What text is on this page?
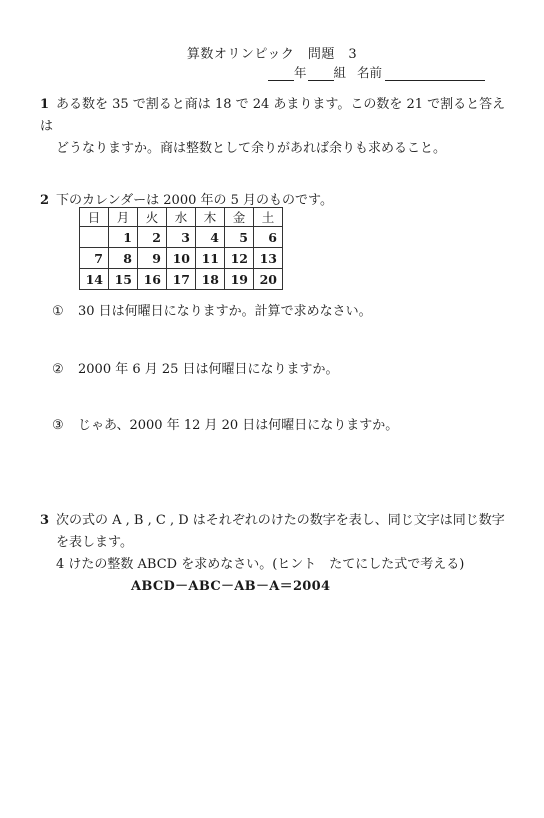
算数オリンピック　問題　3
年 組 名前
1 ある数を 35 で割ると商は 18 で 24 あまります。この数を 21 で割ると答えは
どうなりますか。商は整数として余りがあれば余りも求めること。
2 下のカレンダーは 2000 年の 5 月のものです。
日	月	火	水	木	金	土
	1	2	3	4	5	6
7	8	9	10	11	12	13
14	15	16	17	18	19	20
① 30 日は何曜日になりますか。計算で求めなさい。
② 2000 年 6 月 25 日は何曜日になりますか。
③ じゃあ、2000 年 12 月 20 日は何曜日になりますか。
3 次の式の A , B , C , D はそれぞれのけたの数字を表し、同じ文字は同じ数字
を表します。
4 けたの整数 ABCD を求めなさい。(ヒント　たてにした式で考える)
ABCD－ABC－AB－A＝2004
